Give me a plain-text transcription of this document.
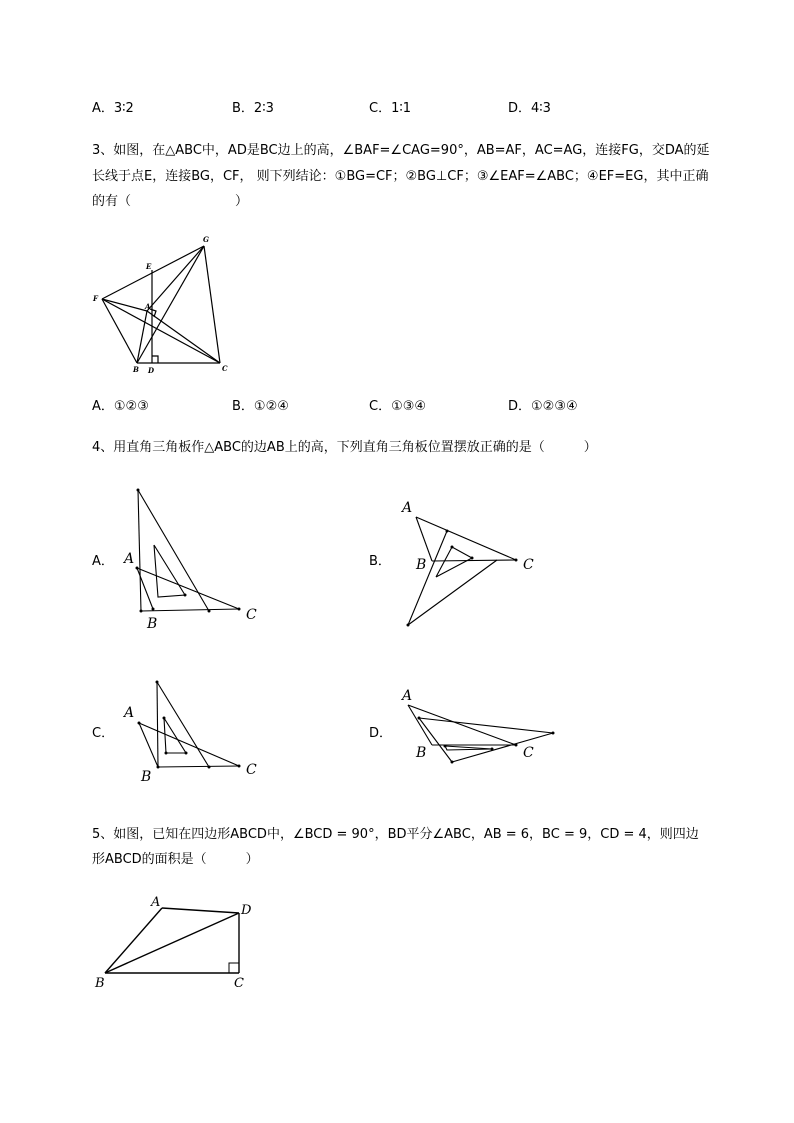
A．3∶2	B．2∶3	C．1∶1	D．4∶3
3、如图，在△ABC中，AD是BC边上的高，∠BAF=∠CAG=90°，AB=AF，AC=AG，连接FG，交DA的延
长线于点E，连接BG，CF， 则下列结论：①BG=CF；②BG⊥CF；③∠EAF=∠ABC；④EF=EG，其中正确
的有（　　　　　　　　）
E
G
F
A
B D	C
A．①②③	B．①②④	C．①③④	D．①②③④
4、用直角三角板作△ABC的边AB上的高，下列直角三角板位置摆放正确的是（　　　）
A． A
B
C
B．
A
B	C
C．
A
B	C
D．
A
B	C
5、如图，已知在四边形ABCD中，∠BCD = 90°，BD平分∠ABC，AB = 6，BC = 9，CD = 4，则四边
形ABCD的面积是（　　　）
A
B	C
D
